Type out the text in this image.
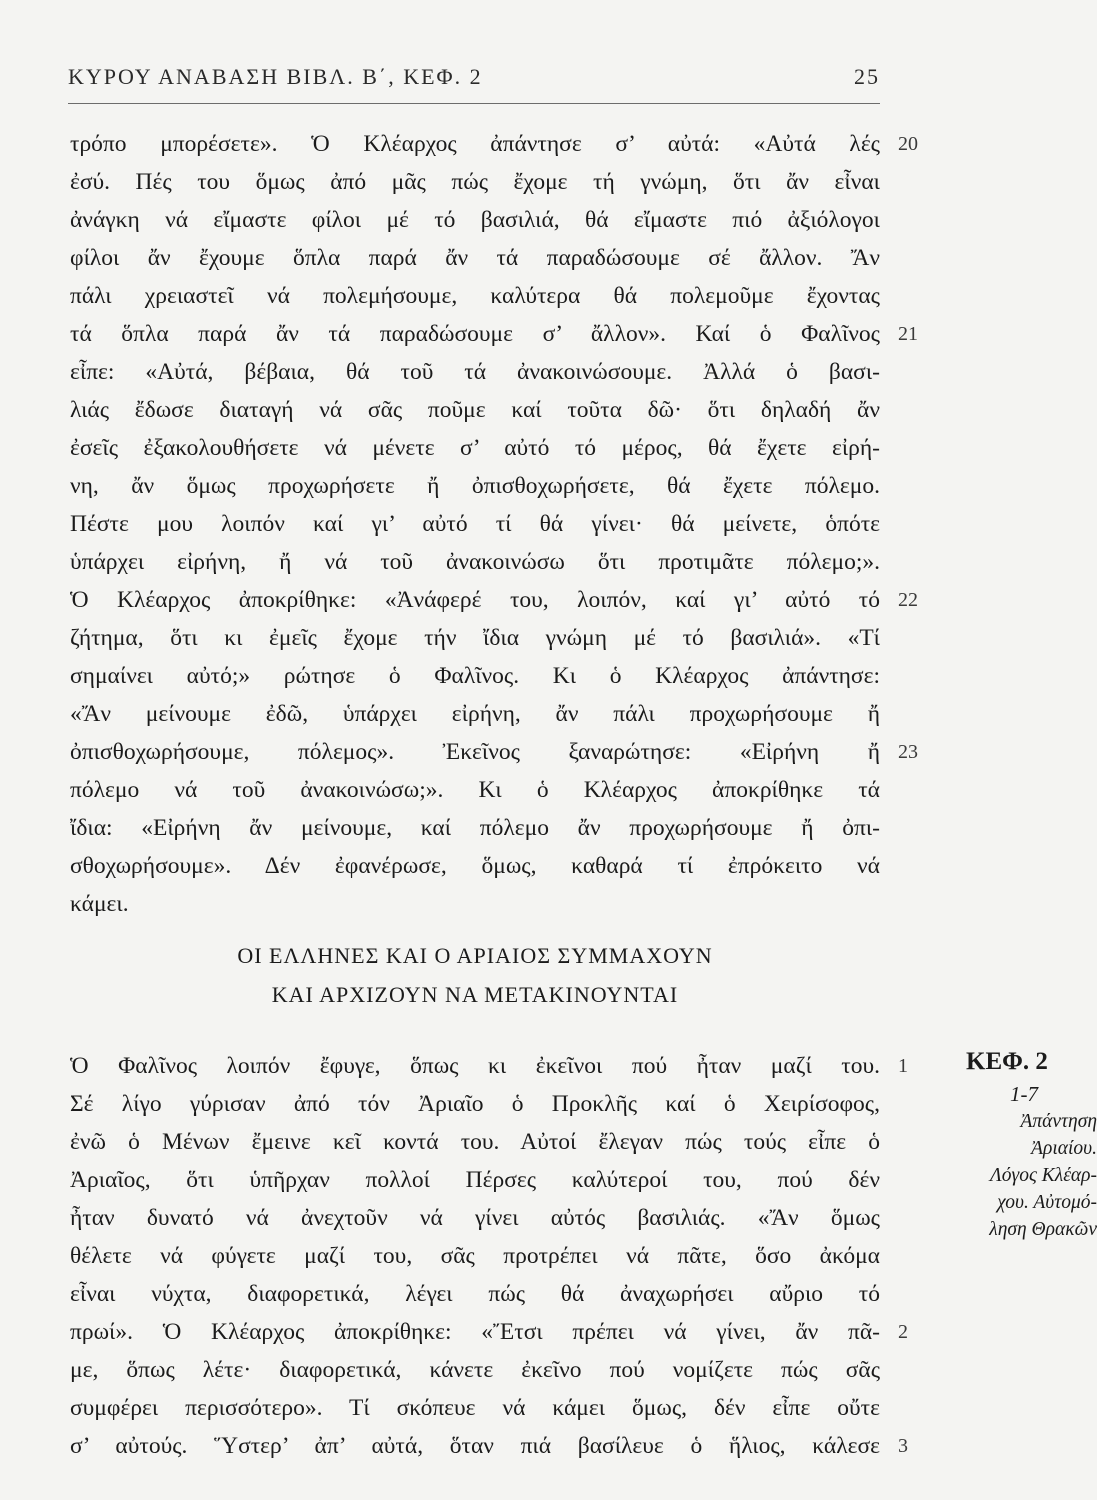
ΚΥΡΟΥ ΑΝΑΒΑΣΗ ΒΙΒΛ. Β΄, ΚΕΦ. 2	25
τρόπο μπορέσετε». Ὁ Κλέαρχος ἀπάντησε σ’ αὐτά: «Αὐτά λές
ἐσύ. Πές του ὅμως ἀπό μᾶς πώς ἔχομε τή γνώμη, ὅτι ἄν εἶναι
ἀνάγκη νά εἴμαστε φίλοι μέ τό βασιλιά, θά εἴμαστε πιό ἀξιόλογοι
φίλοι ἄν ἔχουμε ὅπλα παρά ἄν τά παραδώσουμε σέ ἄλλον. Ἄν
πάλι χρειαστεῖ νά πολεμήσουμε, καλύτερα θά πολεμοῦμε ἔχοντας
τά ὅπλα παρά ἄν τά παραδώσουμε σ’ ἄλλον». Καί ὁ Φαλῖνος
εἶπε: «Αὐτά, βέβαια, θά τοῦ τά ἀνακοινώσουμε. Ἀλλά ὁ βασι-
λιάς ἔδωσε διαταγή νά σᾶς ποῦμε καί τοῦτα δῶ· ὅτι δηλαδή ἄν
ἐσεῖς ἐξακολουθήσετε νά μένετε σ’ αὐτό τό μέρος, θά ἔχετε εἰρή-
νη, ἄν ὅμως προχωρήσετε ἤ ὀπισθοχωρήσετε, θά ἔχετε πόλεμο.
Πέστε μου λοιπόν καί γι’ αὐτό τί θά γίνει· θά μείνετε, ὁπότε
ὑπάρχει εἰρήνη, ἤ νά τοῦ ἀνακοινώσω ὅτι προτιμᾶτε πόλεμο;».
Ὁ Κλέαρχος ἀποκρίθηκε: «Ἀνάφερέ του, λοιπόν, καί γι’ αὐτό τό
ζήτημα, ὅτι κι ἐμεῖς ἔχομε τήν ἴδια γνώμη μέ τό βασιλιά». «Τί
σημαίνει αὐτό;» ρώτησε ὁ Φαλῖνος. Κι ὁ Κλέαρχος ἀπάντησε:
«Ἄν μείνουμε ἐδῶ, ὑπάρχει εἰρήνη, ἄν πάλι προχωρήσουμε ἤ
ὀπισθοχωρήσουμε, πόλεμος». Ἐκεῖνος ξαναρώτησε: «Εἰρήνη ἤ
πόλεμο νά τοῦ ἀνακοινώσω;». Κι ὁ Κλέαρχος ἀποκρίθηκε τά
ἴδια: «Εἰρήνη ἄν μείνουμε, καί πόλεμο ἄν προχωρήσουμε ἤ ὀπι-
σθοχωρήσουμε». Δέν ἐφανέρωσε, ὅμως, καθαρά τί ἐπρόκειτο νά
κάμει.
20
21
22
23
ΟΙ ΕΛΛΗΝΕΣ ΚΑΙ Ο ΑΡΙΑΙΟΣ ΣΥΜΜΑΧΟΥΝ
ΚΑΙ ΑΡΧΙΖΟΥΝ ΝΑ ΜΕΤΑΚΙΝΟΥΝΤΑΙ
Ὁ Φαλῖνος λοιπόν ἔφυγε, ὅπως κι ἐκεῖνοι πού ἦταν μαζί του.
Σέ λίγο γύρισαν ἀπό τόν Ἀριαῖο ὁ Προκλῆς καί ὁ Χειρίσοφος,
ἐνῶ ὁ Μένων ἔμεινε κεῖ κοντά του. Αὐτοί ἔλεγαν πώς τούς εἶπε ὁ
Ἀριαῖος, ὅτι ὑπῆρχαν πολλοί Πέρσες καλύτεροί του, πού δέν
ἦταν δυνατό νά ἀνεχτοῦν νά γίνει αὐτός βασιλιάς. «Ἄν ὅμως
θέλετε νά φύγετε μαζί του, σᾶς προτρέπει νά πᾶτε, ὅσο ἀκόμα
εἶναι νύχτα, διαφορετικά, λέγει πώς θά ἀναχωρήσει αὔριο τό
πρωί». Ὁ Κλέαρχος ἀποκρίθηκε: «Ἔτσι πρέπει νά γίνει, ἄν πᾶ-
με, ὅπως λέτε· διαφορετικά, κάνετε ἐκεῖνο πού νομίζετε πώς σᾶς
συμφέρει περισσότερο». Τί σκόπευε νά κάμει ὅμως, δέν εἶπε οὔτε
σ’ αὐτούς. Ὕστερ’ ἀπ’ αὐτά, ὅταν πιά βασίλευε ὁ ἥλιος, κάλεσε
1
2
3
ΚΕΦ. 2
1-7
Ἀπάντηση
Ἀριαίου.
Λόγος Κλέαρ-
χου. Αὐτομό-
ληση Θρακῶν
